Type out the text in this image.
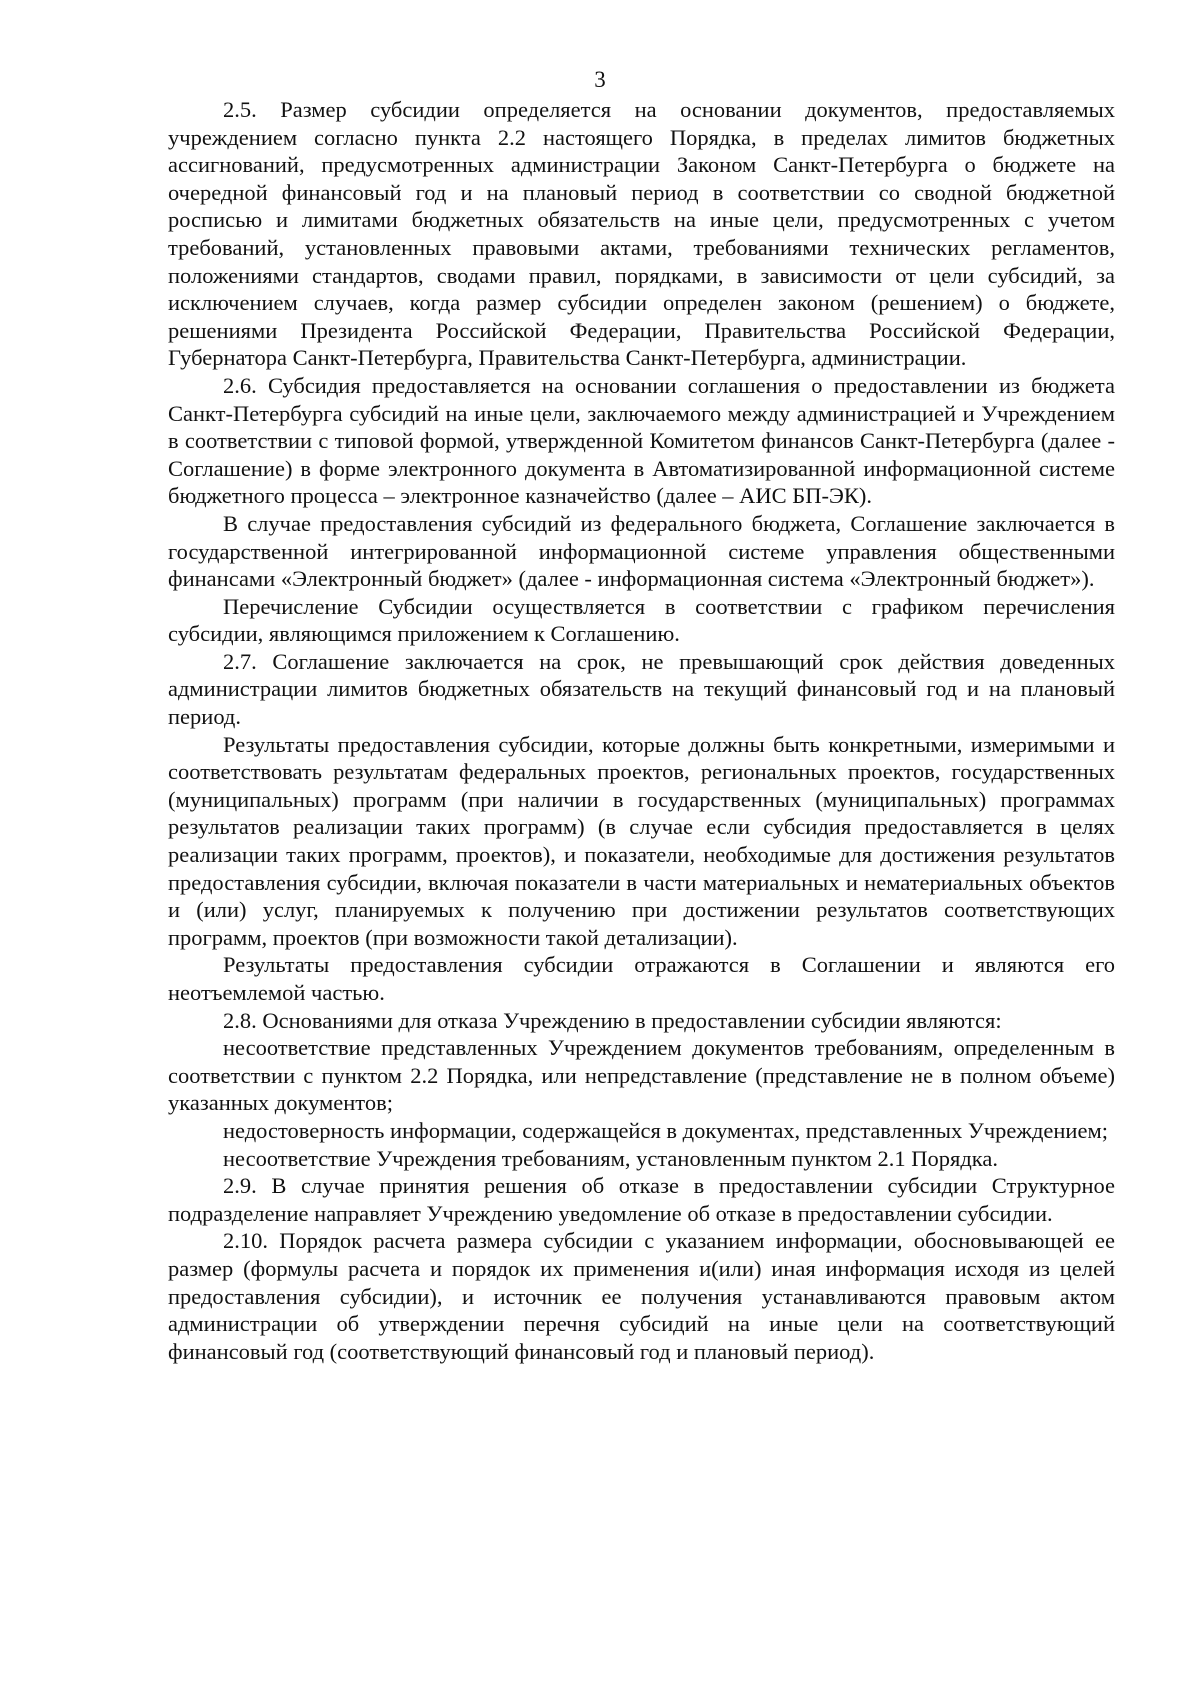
3

2.5. Размер субсидии определяется на основании документов, предоставляемых учреждением согласно пункта 2.2 настоящего Порядка, в пределах лимитов бюджетных ассигнований, предусмотренных администрации Законом Санкт-Петербурга о бюджете на очередной финансовый год и на плановый период в соответствии со сводной бюджетной росписью и лимитами бюджетных обязательств на иные цели, предусмотренных с учетом требований, установленных правовыми актами, требованиями технических регламентов, положениями стандартов, сводами правил, порядками, в зависимости от цели субсидий, за исключением случаев, когда размер субсидии определен законом (решением) о бюджете, решениями Президента Российской Федерации, Правительства Российской Федерации, Губернатора Санкт-Петербурга, Правительства Санкт-Петербурга, администрации.

2.6. Субсидия предоставляется на основании соглашения о предоставлении из бюджета Санкт-Петербурга субсидий на иные цели, заключаемого между администрацией и Учреждением в соответствии с типовой формой, утвержденной Комитетом финансов Санкт-Петербурга (далее - Соглашение) в форме электронного документа в Автоматизированной информационной системе бюджетного процесса – электронное казначейство (далее – АИС БП-ЭК).

В случае предоставления субсидий из федерального бюджета, Соглашение заключается в государственной интегрированной информационной системе управления общественными финансами «Электронный бюджет» (далее - информационная система «Электронный бюджет»).

Перечисление Субсидии осуществляется в соответствии с графиком перечисления субсидии, являющимся приложением к Соглашению.

2.7. Соглашение заключается на срок, не превышающий срок действия доведенных администрации лимитов бюджетных обязательств на текущий финансовый год и на плановый период.

Результаты предоставления субсидии, которые должны быть конкретными, измеримыми и соответствовать результатам федеральных проектов, региональных проектов, государственных (муниципальных) программ (при наличии в государственных (муниципальных) программах результатов реализации таких программ) (в случае если субсидия предоставляется в целях реализации таких программ, проектов), и показатели, необходимые для достижения результатов предоставления субсидии, включая показатели в части материальных и нематериальных объектов и (или) услуг, планируемых к получению при достижении результатов соответствующих программ, проектов (при возможности такой детализации).

Результаты предоставления субсидии отражаются в Соглашении и являются его неотъемлемой частью.

2.8. Основаниями для отказа Учреждению в предоставлении субсидии являются:

несоответствие представленных Учреждением документов требованиям, определенным в соответствии с пунктом 2.2 Порядка, или непредставление (представление не в полном объеме) указанных документов;

недостоверность информации, содержащейся в документах, представленных Учреждением;

несоответствие Учреждения требованиям, установленным пунктом 2.1 Порядка.

2.9. В случае принятия решения об отказе в предоставлении субсидии Структурное подразделение направляет Учреждению уведомление об отказе в предоставлении субсидии.

2.10. Порядок расчета размера субсидии с указанием информации, обосновывающей ее размер (формулы расчета и порядок их применения и(или) иная информация исходя из целей предоставления субсидии), и источник ее получения устанавливаются правовым актом администрации об утверждении перечня субсидий на иные цели на соответствующий финансовый год (соответствующий финансовый год и плановый период).
